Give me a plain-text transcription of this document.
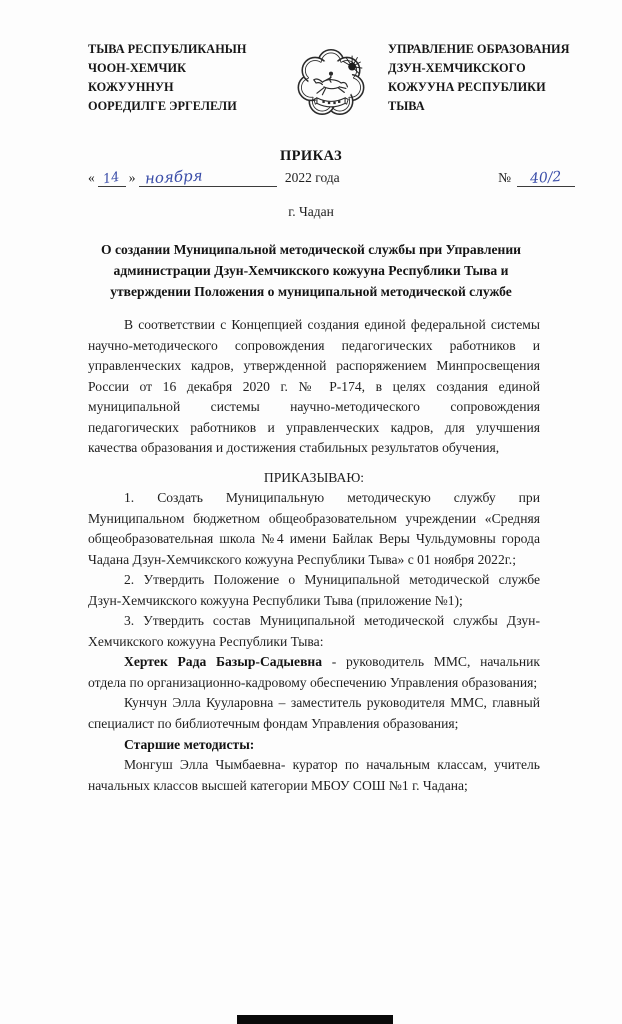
ТЫВА РЕСПУБЛИКАНЫН
ЧООН-ХЕМЧИК КОЖУУННУН
ООРЕДИЛГЕ ЭРГЕЛЕЛИ
УПРАВЛЕНИЕ ОБРАЗОВАНИЯ
ДЗУН-ХЕМЧИКСКОГО
КОЖУУНА РЕСПУБЛИКИ
ТЫВА
ПРИКАЗ
« 14 » ноября	2022 года	№ 40/2
г. Чадан
О создании Муниципальной методической службы при Управлении
администрации Дзун-Хемчикского кожууна Республики Тыва и
утверждении Положения о муниципальной методической службе

В соответствии с Концепцией создания единой федеральной системы научно-методического сопровождения педагогических работников и управленческих кадров, утвержденной распоряжением Минпросвещения России от 16 декабря 2020 г. № Р-174, в целях создания единой муниципальной системы научно-методического сопровождения педагогических работников и управленческих кадров, для улучшения качества образования и достижения стабильных результатов обучения,

ПРИКАЗЫВАЮ:

1. Создать Муниципальную методическую службу при Муниципальном бюджетном общеобразовательном учреждении «Средняя общеобразовательная школа №4 имени Байлак Веры Чульдумовны города Чадана Дзун-Хемчикского кожууна Республики Тыва» с 01 ноября 2022г.;

2. Утвердить Положение о Муниципальной методической службе Дзун-Хемчикского кожууна Республики Тыва (приложение №1);

3. Утвердить состав Муниципальной методической службы Дзун-Хемчикского кожууна Республики Тыва:

Хертек Рада Базыр-Садыевна - руководитель ММС, начальник отдела по организационно-кадровому обеспечению Управления образования;

Кунчун Элла Кууларовна – заместитель руководителя ММС, главный специалист по библиотечным фондам Управления образования;

Старшие методисты:

Монгуш Элла Чымбаевна- куратор по начальным классам, учитель начальных классов высшей категории МБОУ СОШ №1 г. Чадана;
